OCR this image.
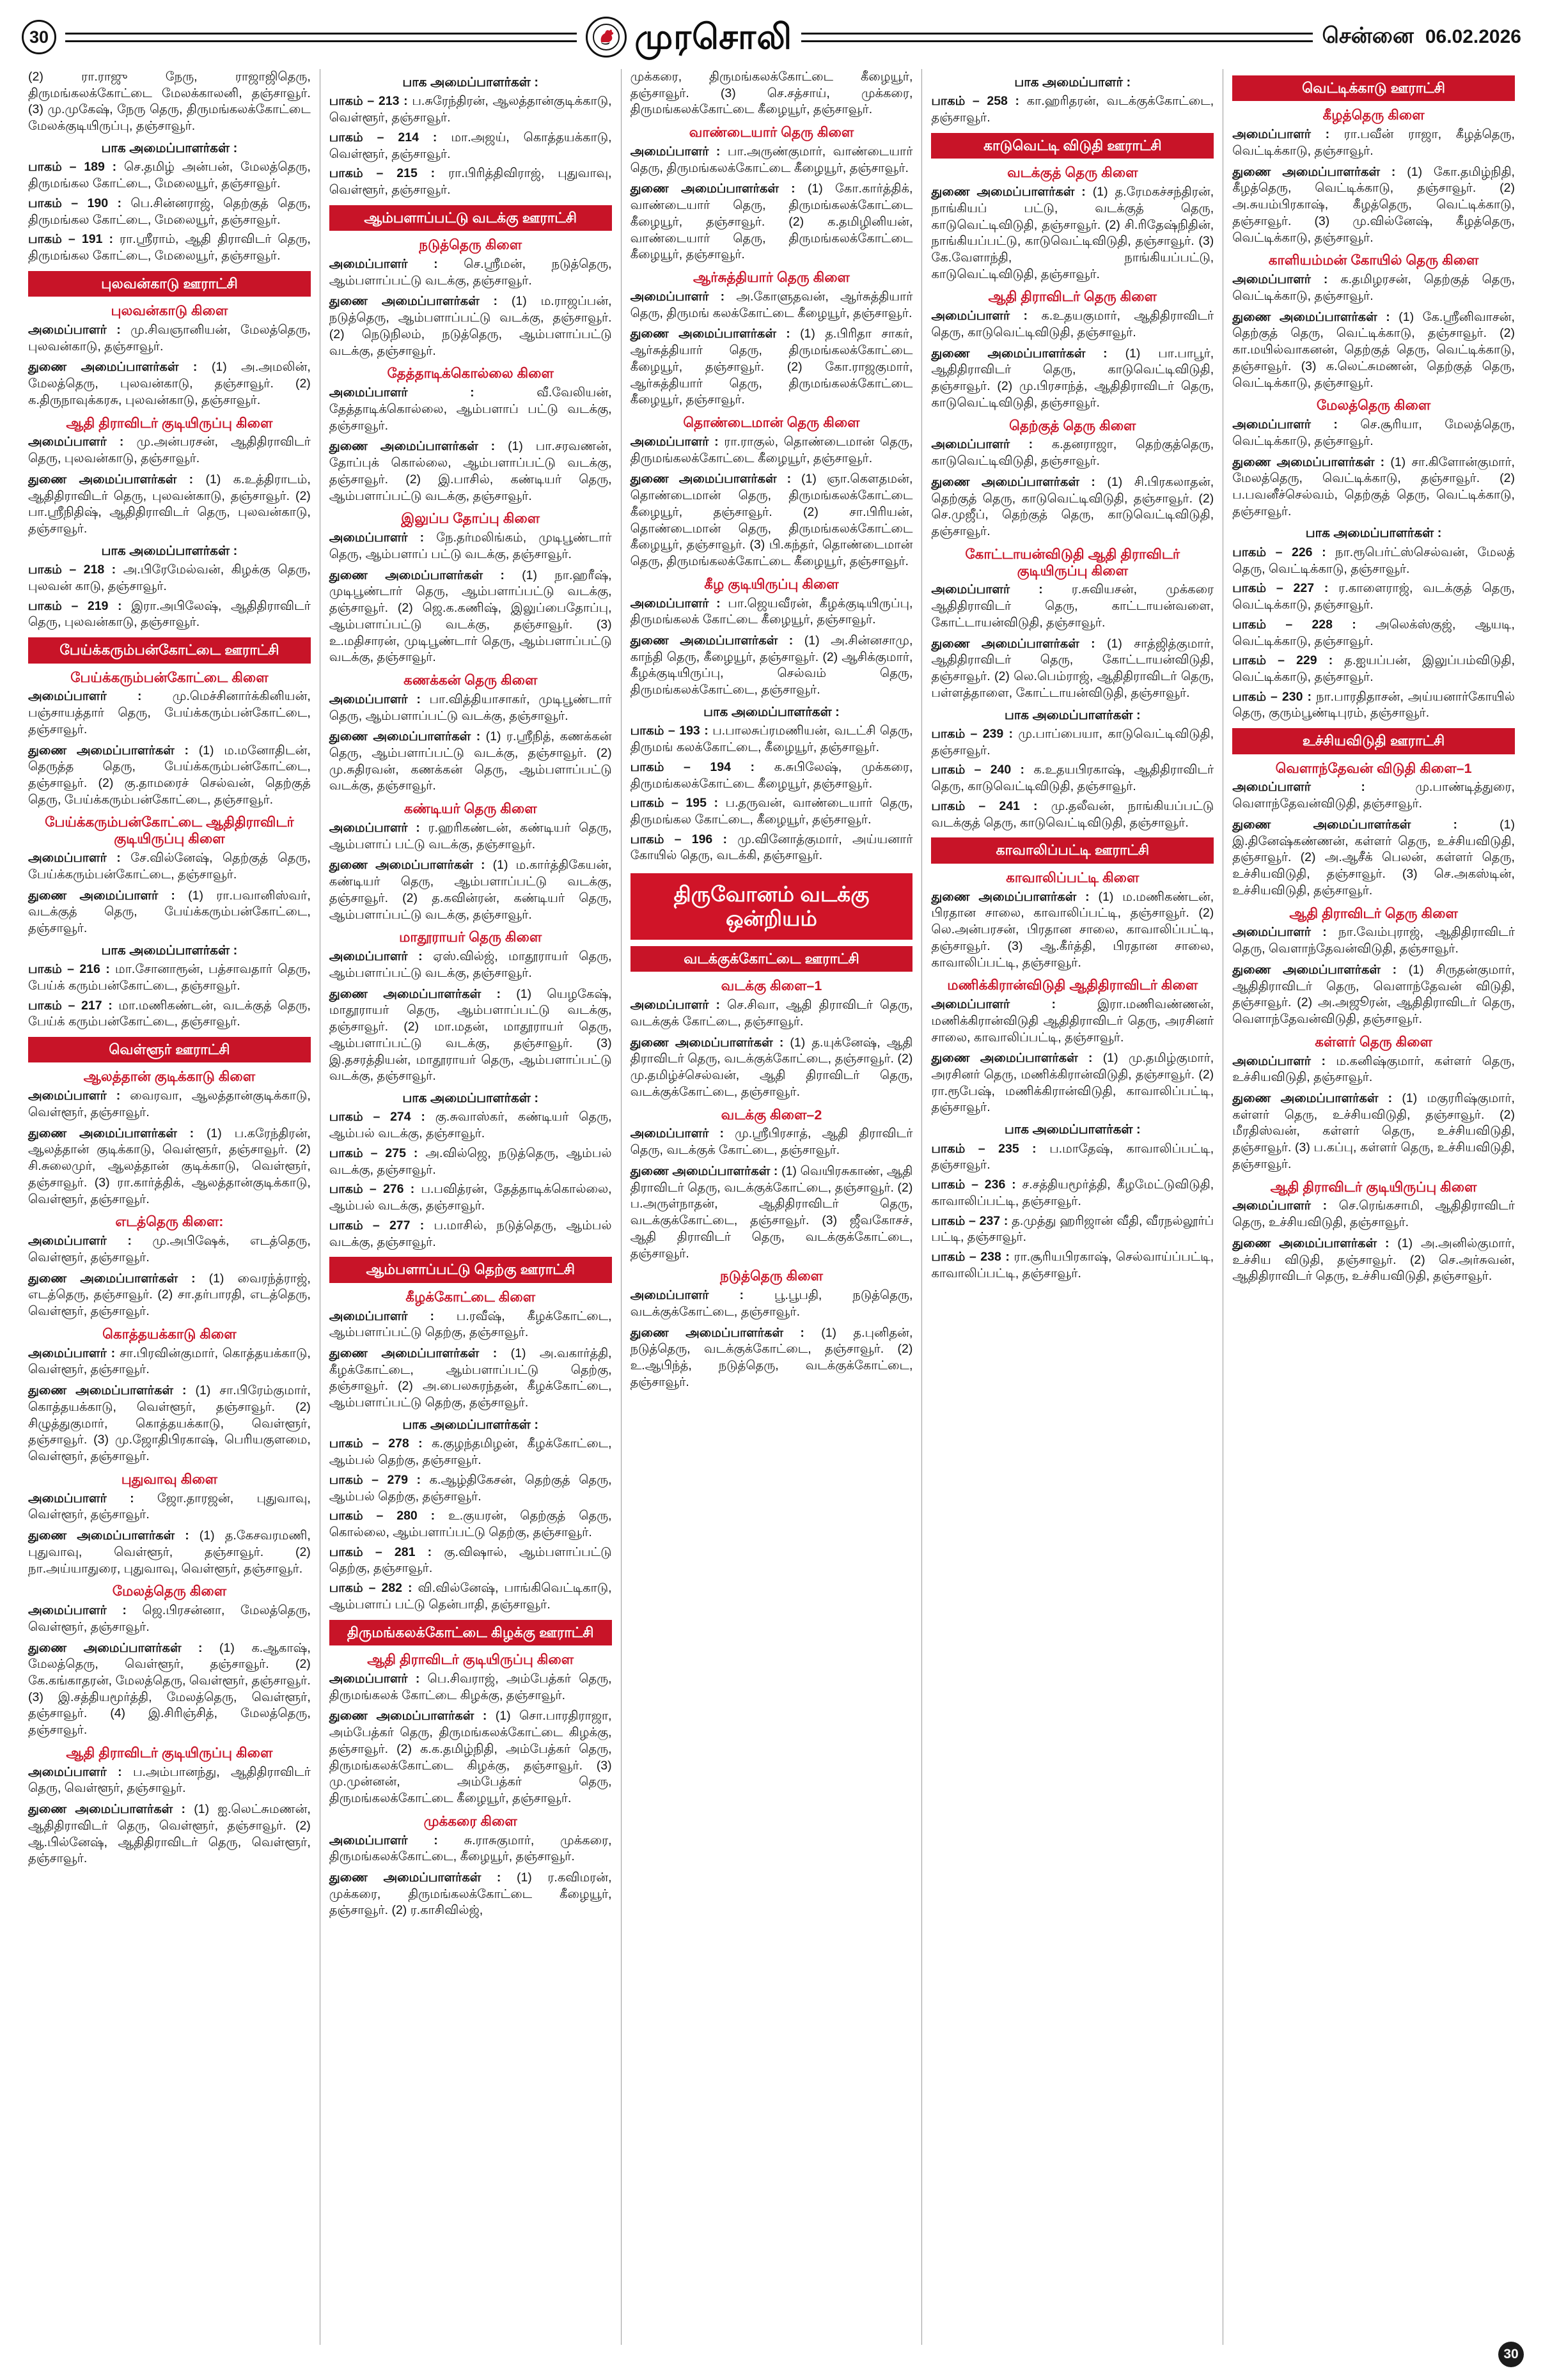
30	முரசொலி	சென்னை 06.02.2026

(2) ரா.ராஜு நேரு, ராஜாஜிதெரு, திருமங்கலக்கோட்டை மேலக்காலனி, தஞ்சாவூர். (3) மு.முகேஷ், நேரு தெரு, திருமங்கலக்கோட்டை மேலக்குடியிருப்பு, தஞ்சாவூர்.

பாக அமைப்பாளர்கள் :

பாகம் – 189 : செ.தமிழ் அன்பன், மேலத்தெரு, திருமங்கல கோட்டை, மேலையூர், தஞ்சாவூர்.

பாகம் – 190 : பெ.சின்னராஜ், தெற்குத் தெரு, திருமங்கல கோட்டை, மேலையூர், தஞ்சாவூர்.

பாகம் – 191 : ரா.ஸ்ரீராம், ஆதி திராவிடர் தெரு, திருமங்கல கோட்டை, மேலையூர், தஞ்சாவூர்.

புலவன்காடு ஊராட்சி
புலவன்காடு கிளை

அமைப்பாளர் : மு.சிவஞானியன், மேலத்தெரு, புலவன்காடு, தஞ்சாவூர்.

துணை அமைப்பாளர்கள் : (1) அ.அமலின், மேலத்தெரு, புலவன்காடு, தஞ்சாவூர். (2) க.திருநாவுக்கரசு, புலவன்காடு, தஞ்சாவூர்.

ஆதி திராவிடர் குடியிருப்பு கிளை

அமைப்பாளர் : மு.அன்பரசன், ஆதிதிராவிடர் தெரு, புலவன்காடு, தஞ்சாவூர்.

துணை அமைப்பாளர்கள் : (1) க.உத்திராடம், ஆதிதிராவிடர் தெரு, புலவன்காடு, தஞ்சாவூர். (2) பா.ஸ்ரீநிதிஷ், ஆதிதிராவிடர் தெரு, புலவன்காடு, தஞ்சாவூர்.

பாக அமைப்பாளர்கள் :

பாகம் – 218 : அ.பிரேமேல்வன், கிழக்கு தெரு, புலவன் காடு, தஞ்சாவூர்.

பாகம் – 219 : இரா.அபிலேஷ், ஆதிதிராவிடர் தெரு, புலவன்காடு, தஞ்சாவூர்.

பேய்க்கரும்பன்கோட்டை ஊராட்சி
பேய்க்கரும்பன்கோட்டை கிளை

அமைப்பாளர் : மு.மெச்சினார்க்கினியன், பஞ்சாயத்தார் தெரு, பேய்க்கரும்பன்கோட்டை, தஞ்சாவூர்.

துணை அமைப்பாளர்கள் : (1) ம.மனோதிடன், தெருத்த தெரு, பேய்க்கரும்பன்கோட்டை, தஞ்சாவூர். (2) கு.தாமரைச் செல்வன், தெற்குத் தெரு, பேய்க்கரும்பன்கோட்டை, தஞ்சாவூர்.

பேய்க்கரும்பன்கோட்டை ஆதிதிராவிடர் குடியிருப்பு கிளை

அமைப்பாளர் : சே.வில்னேஷ், தெற்குத் தெரு, பேய்க்கரும்பன்கோட்டை, தஞ்சாவூர்.

துணை அமைப்பாளர் : (1) ரா.பவானிஸ்வர், வடக்குத் தெரு, பேய்க்கரும்பன்கோட்டை, தஞ்சாவூர்.

பாக அமைப்பாளர்கள் :

பாகம் – 216 : மா.சோனாரூன், பத்சாவதார் தெரு, பேய்க் கரும்பன்கோட்டை, தஞ்சாவூர்.

பாகம் – 217 : மா.மணிகண்டன், வடக்குத் தெரு, பேய்க் கரும்பன்கோட்டை, தஞ்சாவூர்.

வெள்ளூர் ஊராட்சி
ஆலத்தான் குடிக்காடு கிளை

அமைப்பாளர் : வைரவா, ஆலத்தான்குடிக்காடு, வெள்ளூர், தஞ்சாவூர்.

துணை அமைப்பாளர்கள் : (1) ப.கரேந்திரன், ஆலத்தான் குடிக்காடு, வெள்ளூர், தஞ்சாவூர். (2) சி.சுலைமுர், ஆலத்தான் குடிக்காடு, வெள்ளூர், தஞ்சாவூர். (3) ரா.கார்த்திக், ஆலத்தான்குடிக்காடு, வெள்ளூர், தஞ்சாவூர்.

எடத்தெரு கிளை:

அமைப்பாளர் : மு.அபிஷேக், எடத்தெரு, வெள்ளூர், தஞ்சாவூர்.

துணை அமைப்பாளர்கள் : (1) வைரந்த்ராஜ், எடத்தெரு, தஞ்சாவூர். (2) சா.தர்பாரதி, எடத்தெரு, வெள்ளூர், தஞ்சாவூர்.

கொத்தயக்காடு கிளை

அமைப்பாளர் : சா.பிரவின்குமார், கொத்தயக்காடு, வெள்ளூர், தஞ்சாவூர்.

துணை அமைப்பாளர்கள் : (1) சா.பிரேம்குமார், கொத்தயக்காடு, வெள்ளூர், தஞ்சாவூர். (2) சிழுத்துகுமார், கொத்தயக்காடு, வெள்ளூர், தஞ்சாவூர். (3) மு.ஜோதிபிரகாஷ், பெரியகுளமை, வெள்ளூர், தஞ்சாவூர்.

புதுவாவு கிளை

அமைப்பாளர் : ஜோ.தாரஜன், புதுவாவு, வெள்ளூர், தஞ்சாவூர்.

துணை அமைப்பாளர்கள் : (1) த.கேசவரமணி, புதுவாவு, வெள்ளூர், தஞ்சாவூர். (2) நா.அய்யாதுரை, புதுவாவு, வெள்ளூர், தஞ்சாவூர்.

மேலத்தெரு கிளை

அமைப்பாளர் : ஜெ.பிரசன்னா, மேலத்தெரு, வெள்ளூர், தஞ்சாவூர்.

துணை அமைப்பாளர்கள் : (1) க.ஆகாஷ், மேலத்தெரு, வெள்ளூர், தஞ்சாவூர். (2) கே.கங்காதரன், மேலத்தெரு, வெள்ளூர், தஞ்சாவூர். (3) இ.சத்தியமூர்த்தி, மேலத்தெரு, வெள்ளூர், தஞ்சாவூர். (4) இ.சிரிஞ்சித், மேலத்தெரு, தஞ்சாவூர்.

ஆதி திராவிடர் குடியிருப்பு கிளை

அமைப்பாளர் : ப.அம்பானந்து, ஆதிதிராவிடர் தெரு, வெள்ளூர், தஞ்சாவூர்.

துணை அமைப்பாளர்கள் : (1) ஐ.லெட்சுமணன், ஆதிதிராவிடர் தெரு, வெள்ளூர், தஞ்சாவூர். (2) ஆ.பில்னேஷ், ஆதிதிராவிடர் தெரு, வெள்ளூர், தஞ்சாவூர்.

பாக அமைப்பாளர்கள் :

பாகம் – 213 : ப.சுரேந்திரன், ஆலத்தான்குடிக்காடு, வெள்ளூர், தஞ்சாவூர்.

பாகம் – 214 : மா.அஜய், கொத்தயக்காடு, வெள்ளூர், தஞ்சாவூர்.

பாகம் – 215 : ரா.பிரித்திவிராஜ், புதுவாவு, வெள்ளூர், தஞ்சாவூர்.

ஆம்பளாப்பட்டு வடக்கு ஊராட்சி
நடுத்தெரு கிளை

அமைப்பாளர் : செ.ஸ்ரீமன், நடுத்தெரு, ஆம்பளாப்பட்டு வடக்கு, தஞ்சாவூர்.

துணை அமைப்பாளர்கள் : (1) ம.ராஜப்பன், நடுத்தெரு, ஆம்பளாப்பட்டு வடக்கு, தஞ்சாவூர். (2) நெடுநிலம், நடுத்தெரு, ஆம்பளாப்பட்டு வடக்கு, தஞ்சாவூர்.

தேத்தாடிக்கொல்லை கிளை

அமைப்பாளர் :	வீ.வேலியன், தேத்தாடிக்கொல்லை, ஆம்பளாப் பட்டு வடக்கு, தஞ்சாவூர்.

துணை அமைப்பாளர்கள் : (1) பா.சரவணன், தோப்புக் கொல்லை, ஆம்பளாப்பட்டு வடக்கு, தஞ்சாவூர். (2) இ.பாசில், கண்டியர் தெரு, ஆம்பளாப்பட்டு வடக்கு, தஞ்சாவூர்.

இலுப்ப தோப்பு கிளை

அமைப்பாளர் : நே.தர்மலிங்கம், முடிபூண்டார் தெரு, ஆம்பளாப் பட்டு வடக்கு, தஞ்சாவூர்.

துணை அமைப்பாளர்கள் : (1) நா.ஹரீஷ், முடிபூண்டார் தெரு, ஆம்பளாப்பட்டு வடக்கு, தஞ்சாவூர். (2) ஜெ.க.கணிஷ், இலுப்பைதோப்பு, ஆம்பளாப்பட்டு வடக்கு, தஞ்சாவூர். (3) உ.மதிசாரன், முடிபூண்டார் தெரு, ஆம்பளாப்பட்டு வடக்கு, தஞ்சாவூர்.

கணக்கன் தெரு கிளை

அமைப்பாளர் : பா.வித்தியாசாகர், முடிபூண்டார் தெரு, ஆம்பளாப்பட்டு வடக்கு, தஞ்சாவூர்.

துணை அமைப்பாளர்கள் : (1) ர.ஸ்ரீநித், கணக்கன் தெரு, ஆம்பளாப்பட்டு வடக்கு, தஞ்சாவூர். (2) மு.சுதிரவன், கணக்கன் தெரு, ஆம்பளாப்பட்டு வடக்கு, தஞ்சாவூர்.

கண்டியர் தெரு கிளை

அமைப்பாளர் : ர.ஹரிகண்டன், கண்டியர் தெரு, ஆம்பளாப் பட்டு வடக்கு, தஞ்சாவூர்.

துணை அமைப்பாளர்கள் : (1) ம.கார்த்திகேயன், கண்டியர் தெரு, ஆம்பளாப்பட்டு வடக்கு, தஞ்சாவூர். (2) த.கவின்ரன், கண்டியர் தெரு, ஆம்பளாப்பட்டு வடக்கு, தஞ்சாவூர்.

மாதூராயர் தெரு கிளை

அமைப்பாளர் : ஏஸ்.வில்ஜ், மாதூராயர் தெரு, ஆம்பளாப்பட்டு வடக்கு, தஞ்சாவூர்.

துணை அமைப்பாளர்கள் : (1) யெழகேஷ், மாதூராயர் தெரு, ஆம்பளாப்பட்டு வடக்கு, தஞ்சாவூர். (2) மா.மதன், மாதூராயர் தெரு, ஆம்பளாப்பட்டு வடக்கு, தஞ்சாவூர். (3) இ.தசரத்தியன், மாதூராயர் தெரு, ஆம்பளாப்பட்டு வடக்கு, தஞ்சாவூர்.

பாக அமைப்பாளர்கள் :

பாகம் – 274 : கு.சுவாஸ்கர், கண்டியர் தெரு, ஆம்பல் வடக்கு, தஞ்சாவூர்.

பாகம் – 275 : அ.வில்ஜெ, நடுத்தெரு, ஆம்பல் வடக்கு, தஞ்சாவூர்.

பாகம் – 276 : ப.பவித்ரன், தேத்தாடிக்கொல்லை, ஆம்பல் வடக்கு, தஞ்சாவூர்.

பாகம் – 277 : ப.மாசில், நடுத்தெரு, ஆம்பல் வடக்கு, தஞ்சாவூர்.

ஆம்பளாப்பட்டு தெற்கு ஊராட்சி
கீழக்கோட்டை கிளை

அமைப்பாளர் : ப.ரவீஷ், கீழக்கோட்டை, ஆம்பளாப்பட்டு தெற்கு, தஞ்சாவூர்.

துணை அமைப்பாளர்கள் : (1) அ.வகார்த்தி, கீழக்கோட்டை, ஆம்பளாப்பட்டு தெற்கு, தஞ்சாவூர். (2) அ.பைலசுரந்தன், கீழக்கோட்டை, ஆம்பளாப்பட்டு தெற்கு, தஞ்சாவூர்.

பாக அமைப்பாளர்கள் :

பாகம் – 278 : க.குழந்தமிழன், கீழக்கோட்டை, ஆம்பல் தெற்கு, தஞ்சாவூர்.

பாகம் – 279 : க.ஆழ்திகேசன், தெற்குத் தெரு, ஆம்பல் தெற்கு, தஞ்சாவூர்.

பாகம் – 280 : உ.குயரன், தெற்குத் தெரு, கொல்லை, ஆம்பளாப்பட்டு தெற்கு, தஞ்சாவூர்.

பாகம் – 281 : கு.விஷால், ஆம்பளாப்பட்டு தெற்கு, தஞ்சாவூர்.

பாகம் – 282 : வி.வில்னேஷ், பாங்கிவெட்டிகாடு, ஆம்பளாப் பட்டு தென்பாதி, தஞ்சாவூர்.

திருமங்கலக்கோட்டை கிழக்கு ஊராட்சி
ஆதி திராவிடர் குடியிருப்பு கிளை

அமைப்பாளர் : பெ.சிவராஜ், அம்பேத்கர் தெரு, திருமங்கலக் கோட்டை கிழக்கு, தஞ்சாவூர்.

துணை அமைப்பாளர்கள் : (1) சொ.பாரதிராஜா, அம்பேத்கர் தெரு, திருமங்கலக்கோட்டை கிழக்கு, தஞ்சாவூர். (2) க.க.தமிழ்நிதி, அம்பேத்கர் தெரு, திருமங்கலக்கோட்டை கிழக்கு, தஞ்சாவூர். (3) மு.முன்னன், அம்பேத்கர் தெரு, திருமங்கலக்கோட்டை கீழையூர், தஞ்சாவூர்.

முக்கரை கிளை

அமைப்பாளர் : சு.ராசுகுமார், முக்கரை, திருமங்கலக்கோட்டை, கீழையூர், தஞ்சாவூர்.

துணை அமைப்பாளர்கள் : (1) ர.கவிமரன், முக்கரை, திருமங்கலக்கோட்டை கீழையூர், தஞ்சாவூர். (2) ர.காசிவில்ஜ்,

முக்கரை, திருமங்கலக்கோட்டை கீழையூர், தஞ்சாவூர். (3) செ.சத்சாய், முக்கரை, திருமங்கலக்கோட்டை கீழையூர், தஞ்சாவூர்.

வாண்டையார் தெரு கிளை

அமைப்பாளர் : பா.அருண்குமார், வாண்டையார் தெரு, திருமங்கலக்கோட்டை கீழையூர், தஞ்சாவூர்.

துணை அமைப்பாளர்கள் : (1) கோ.கார்த்திக், வாண்டையார் தெரு, திருமங்கலக்கோட்டை கீழையூர், தஞ்சாவூர். (2) க.தமிழினியன், வாண்டையார் தெரு, திருமங்கலக்கோட்டை கீழையூர், தஞ்சாவூர்.

ஆர்சுத்தியார் தெரு கிளை

அமைப்பாளர் : அ.கோளுதவன், ஆர்சுத்தியார் தெரு, திருமங் கலக்கோட்டை கீழையூர், தஞ்சாவூர்.

துணை அமைப்பாளர்கள் : (1) த.பிரிதா சாகர், ஆர்சுத்தியார் தெரு, திருமங்கலக்கோட்டை கீழையூர், தஞ்சாவூர். (2) கோ.ராஜகுமார், ஆர்சுத்தியார் தெரு, திருமங்கலக்கோட்டை கீழையூர், தஞ்சாவூர்.

தொண்டைமான் தெரு கிளை

அமைப்பாளர் : ரா.ராகுல், தொண்டைமான் தெரு, திருமங்கலக்கோட்டை கீழையூர், தஞ்சாவூர்.

துணை அமைப்பாளர்கள் : (1) ஞா.கௌதமன், தொண்டைமான் தெரு, திருமங்கலக்கோட்டை கீழையூர், தஞ்சாவூர். (2) சா.பிரியன், தொண்டைமான் தெரு, திருமங்கலக்கோட்டை கீழையூர், தஞ்சாவூர். (3) பி.கந்தர், தொண்டைமான் தெரு, திருமங்கலக்கோட்டை கீழையூர், தஞ்சாவூர்.

கீழ குடியிருப்பு கிளை

அமைப்பாளர் : பா.ஜெயவீரன், கீழக்குடியிருப்பு, திருமங்கலக் கோட்டை கீழையூர், தஞ்சாவூர்.

துணை அமைப்பாளர்கள் : (1) அ.சின்னசாமு, காந்தி தெரு, கீழையூர், தஞ்சாவூர். (2) ஆசிக்குமார், கீழக்குடியிருப்பு, செல்வம் தெரு, திருமங்கலக்கோட்டை, தஞ்சாவூர்.

பாக அமைப்பாளர்கள் :

பாகம் – 193 : ப.பாலசுப்ரமணியன், வடட்சி தெரு, திருமங் கலக்கோட்டை, கீழையூர், தஞ்சாவூர்.

பாகம் – 194 : க.சுபிலேஷ், முக்கரை, திருமங்கலக்கோட்டை கீழையூர், தஞ்சாவூர்.

பாகம் – 195 : ப.தருவன், வாண்டையார் தெரு, திருமங்கல கோட்டை, கீழையூர், தஞ்சாவூர்.

பாகம் – 196 : மு.வினோத்குமார், அய்யனார் கோயில் தெரு, வடக்கி, தஞ்சாவூர்.

திருவோனம் வடக்கு ஒன்றியம்
வடக்குக்கோட்டை ஊராட்சி
வடக்கு கிளை–1

அமைப்பாளர் : செ.சிவா, ஆதி திராவிடர் தெரு, வடக்குக் கோட்டை, தஞ்சாவூர்.

துணை அமைப்பாளர்கள் : (1) த.யுக்னேஷ், ஆதி திராவிடர் தெரு, வடக்குக்கோட்டை, தஞ்சாவூர். (2) மு.தமிழ்ச்செல்வன், ஆதி திராவிடர் தெரு, வடக்குக்கோட்டை, தஞ்சாவூர்.

வடக்கு கிளை–2

அமைப்பாளர் : மு.ஸ்ரீபிரசாத், ஆதி திராவிடர் தெரு, வடக்குக் கோட்டை, தஞ்சாவூர்.

துணை அமைப்பாளர்கள் : (1) வெயிரசுகாண், ஆதி திராவிடர் தெரு, வடக்குக்கோட்டை, தஞ்சாவூர். (2) ப.அருள்நாதன், ஆதிதிராவிடர் தெரு, வடக்குக்கோட்டை, தஞ்சாவூர். (3) ஜீவகோசச், ஆதி திராவிடர் தெரு, வடக்குக்கோட்டை, தஞ்சாவூர்.

நடுத்தெரு கிளை

அமைப்பாளர் : பூ.பூபதி, நடுத்தெரு, வடக்குக்கோட்டை, தஞ்சாவூர்.

துணை அமைப்பாளர்கள் : (1) த.புனிதன், நடுத்தெரு, வடக்குக்கோட்டை, தஞ்சாவூர். (2) உ.ஆபிந்த், நடுத்தெரு, வடக்குக்கோட்டை, தஞ்சாவூர்.

பாக அமைப்பாளர் :

பாகம் – 258 : கா.ஹரிதரன், வடக்குக்கோட்டை, தஞ்சாவூர்.

காடுவெட்டி விடுதி ஊராட்சி
வடக்குத் தெரு கிளை

துணை அமைப்பாளர்கள் : (1) த.ரேமகச்சந்திரன், நாங்கியப் பட்டு, வடக்குத் தெரு, காடுவெட்டிவிடுதி, தஞ்சாவூர். (2) சி.ரிதேஷ்நிதின், நாங்கியப்பட்டு, காடுவெட்டிவிடுதி, தஞ்சாவூர். (3) கே.வேளாந்தி, நாங்கியப்பட்டு, காடுவெட்டிவிடுதி, தஞ்சாவூர்.

ஆதி திராவிடர் தெரு கிளை

அமைப்பாளர் : க.உதயகுமார், ஆதிதிராவிடர் தெரு, காடுவெட்டிவிடுதி, தஞ்சாவூர்.

துணை அமைப்பாளர்கள் : (1) பா.பாபூர், ஆதிதிராவிடர் தெரு, காடுவெட்டிவிடுதி, தஞ்சாவூர். (2) மு.பிரசாந்த், ஆதிதிராவிடர் தெரு, காடுவெட்டிவிடுதி, தஞ்சாவூர்.

தெற்குத் தெரு கிளை

அமைப்பாளர் : க.தனராஜா, தெற்குத்தெரு, காடுவெட்டிவிடுதி, தஞ்சாவூர்.

துணை அமைப்பாளர்கள் : (1) சி.பிரகலாதன், தெற்குத் தெரு, காடுவெட்டிவிடுதி, தஞ்சாவூர். (2) செ.முஜீப், தெற்குத் தெரு, காடுவெட்டிவிடுதி, தஞ்சாவூர்.

கோட்டாயன்விடுதி ஆதி திராவிடர் குடியிருப்பு கிளை

அமைப்பாளர் : ர.சுவியசன், முக்கரை ஆதிதிராவிடர் தெரு, காட்டாயன்வளை, கோட்டாயன்விடுதி, தஞ்சாவூர்.

துணை அமைப்பாளர்கள் : (1) சாத்ஜித்குமார், ஆதிதிராவிடர் தெரு, கோட்டாயன்விடுதி, தஞ்சாவூர். (2) லெ.பெம்ராஜ், ஆதிதிராவிடர் தெரு, பள்ளத்தாளை, கோட்டாயன்விடுதி, தஞ்சாவூர்.

பாக அமைப்பாளர்கள் :

பாகம் – 239 : மு.பாப்பையா, காடுவெட்டிவிடுதி, தஞ்சாவூர்.

பாகம் – 240 : க.உதயபிரகாஷ், ஆதிதிராவிடர் தெரு, காடுவெட்டிவிடுதி, தஞ்சாவூர்.

பாகம் – 241 : மு.தலீவன், நாங்கியப்பட்டு வடக்குத் தெரு, காடுவெட்டிவிடுதி, தஞ்சாவூர்.

காவாலிப்பட்டி ஊராட்சி
காவாலிப்பட்டி கிளை

துணை அமைப்பாளர்கள் : (1) ம.மணிகண்டன், பிரதான சாலை, காவாலிப்பட்டி, தஞ்சாவூர். (2) லெ.அன்பரசன், பிரதான சாலை, காவாலிப்பட்டி, தஞ்சாவூர். (3) ஆ.கீர்த்தி, பிரதான சாலை, காவாலிப்பட்டி, தஞ்சாவூர்.

மணிக்கிரான்விடுதி ஆதிதிராவிடர் கிளை

அமைப்பாளர் :	இரா.மணிவண்ணன், மணிக்கிரான்விடுதி ஆதிதிராவிடர் தெரு, அரசினர் சாலை, காவாலிப்பட்டி, தஞ்சாவூர்.

துணை அமைப்பாளர்கள் : (1) மு.தமிழ்குமார், அரசினர் தெரு, மணிக்கிரான்விடுதி, தஞ்சாவூர். (2) ரா.ரூபேஷ், மணிக்கிரான்விடுதி, காவாலிப்பட்டி, தஞ்சாவூர்.

பாக அமைப்பாளர்கள் :

பாகம் – 235 : ப.மாதேஷ், காவாலிப்பட்டி, தஞ்சாவூர்.

பாகம் – 236 : ச.சத்தியமூர்த்தி, கீழமேட்டுவிடுதி, காவாலிப்பட்டி, தஞ்சாவூர்.

பாகம் – 237 : த.முத்து ஹரிஜான் வீதி, வீரநல்லூர்ப் பட்டி, தஞ்சாவூர்.

பாகம் – 238 : ரா.சூரியபிரகாஷ், செல்வாய்ப்பட்டி, காவாலிப்பட்டி, தஞ்சாவூர்.

வெட்டிக்காடு ஊராட்சி
கீழத்தெரு கிளை

அமைப்பாளர் : ரா.பவீன் ராஜா, கீழத்தெரு, வெட்டிக்காடு, தஞ்சாவூர்.

துணை அமைப்பாளர்கள் : (1) கோ.தமிழ்நிதி, கீழத்தெரு, வெட்டிக்காடு, தஞ்சாவூர். (2) அ.சுயம்பிரகாஷ், கீழத்தெரு, வெட்டிக்காடு, தஞ்சாவூர். (3) மு.வில்னேஷ், கீழத்தெரு, வெட்டிக்காடு, தஞ்சாவூர்.

காளியம்மன் கோயில் தெரு கிளை

அமைப்பாளர் : க.தமிழரசன், தெற்குத் தெரு, வெட்டிக்காடு, தஞ்சாவூர்.

துணை அமைப்பாளர்கள் : (1) கே.ஸ்ரீனிவாசன், தெற்குத் தெரு, வெட்டிக்காடு, தஞ்சாவூர். (2) கா.மயில்வாகனன், தெற்குத் தெரு, வெட்டிக்காடு, தஞ்சாவூர். (3) க.லெட்சுமணன், தெற்குத் தெரு, வெட்டிக்காடு, தஞ்சாவூர்.

மேலத்தெரு கிளை

அமைப்பாளர் : செ.சூரியா, மேலத்தெரு, வெட்டிக்காடு, தஞ்சாவூர்.

துணை அமைப்பாளர்கள் : (1) சா.கிளோன்குமார், மேலத்தெரு, வெட்டிக்காடு, தஞ்சாவூர். (2) ப.பவனீச்செல்வம், தெற்குத் தெரு, வெட்டிக்காடு, தஞ்சாவூர்.

பாக அமைப்பாளர்கள் :

பாகம் – 226 : நா.ரூபெர்ட்ஸ்செல்வன், மேலத் தெரு, வெட்டிக்காடு, தஞ்சாவூர்.

பாகம் – 227 : ர.காளைராஜ், வடக்குத் தெரு, வெட்டிக்காடு, தஞ்சாவூர்.

பாகம் – 228 : அலெக்ஸ்குஜ், ஆயடி, வெட்டிக்காடு, தஞ்சாவூர்.

பாகம் – 229 : த.ஐயப்பன், இலுப்பம்விடுதி, வெட்டிக்காடு, தஞ்சாவூர்.

பாகம் – 230 : நா.பாரதிதாசன், அய்யனார்கோயில் தெரு, குரும்பூண்டிபுரம், தஞ்சாவூர்.

உச்சியவிடுதி ஊராட்சி
வெளாந்தேவன் விடுதி கிளை–1

அமைப்பாளர் :	மு.பாண்டித்துரை, வெளாந்தேவன்விடுதி, தஞ்சாவூர்.

துணை அமைப்பாளர்கள் :	(1) இ.தினேஷ்கண்ணன், கள்ளர் தெரு, உச்சியவிடுதி, தஞ்சாவூர். (2) அ.ஆசீக் பெலன், கள்ளர் தெரு, உச்சியவிடுதி, தஞ்சாவூர். (3) செ.அகஸ்டின், உச்சியவிடுதி, தஞ்சாவூர்.

ஆதி திராவிடர் தெரு கிளை

அமைப்பாளர் : நா.வேம்புராஜ், ஆதிதிராவிடர் தெரு, வெளாந்தேவன்விடுதி, தஞ்சாவூர்.

துணை அமைப்பாளர்கள் : (1) சிருதன்குமார், ஆதிதிராவிடர் தெரு, வெளாந்தேவன் விடுதி, தஞ்சாவூர். (2) அ.அஜூரன், ஆதிதிராவிடர் தெரு, வெளாந்தேவன்விடுதி, தஞ்சாவூர்.

கள்ளர் தெரு கிளை

அமைப்பாளர் : ம.கனிஷ்குமார், கள்ளர் தெரு, உச்சியவிடுதி, தஞ்சாவூர்.

துணை அமைப்பாளர்கள் : (1) மகுரரிஷ்குமார், கள்ளர் தெரு, உச்சியவிடுதி, தஞ்சாவூர். (2) மீரதிஸ்வன், கள்ளர் தெரு, உச்சியவிடுதி, தஞ்சாவூர். (3) ப.கப்பு, கள்ளர் தெரு, உச்சியவிடுதி, தஞ்சாவூர்.

ஆதி திராவிடர் குடியிருப்பு கிளை

அமைப்பாளர் : செ.ரெங்கசாமி, ஆதிதிராவிடர் தெரு, உச்சியவிடுதி, தஞ்சாவூர்.

துணை அமைப்பாளர்கள் : (1) அ.அனில்குமார், உச்சிய விடுதி, தஞ்சாவூர். (2) செ.அர்சுவன், ஆதிதிராவிடர் தெரு, உச்சியவிடுதி, தஞ்சாவூர்.

30
